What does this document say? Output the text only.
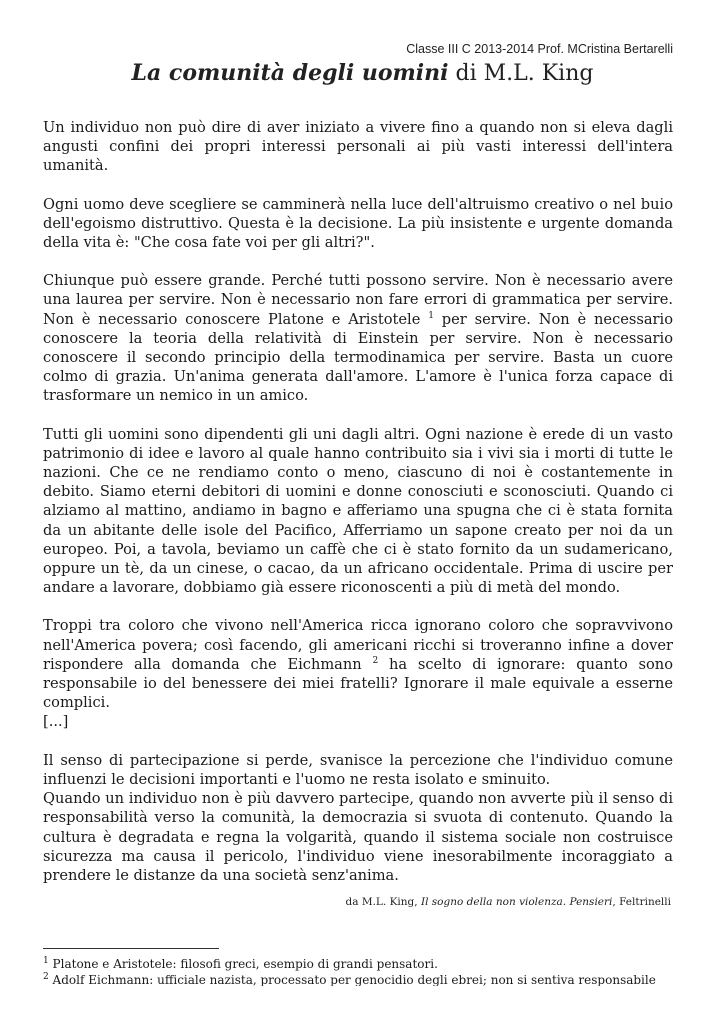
Classe III C 2013-2014 Prof. MCristina Bertarelli
La comunità degli uomini di M.L. King

Un individuo non può dire di aver iniziato a vivere fino a quando non si eleva dagli angusti confini dei propri interessi personali ai più vasti interessi dell'intera umanità.

Ogni uomo deve scegliere se camminerà nella luce dell'altruismo creativo o nel buio dell'egoismo distruttivo. Questa è la decisione. La più insistente e urgente domanda della vita è: "Che cosa fate voi per gli altri?".

Chiunque può essere grande. Perché tutti possono servire. Non è necessario avere una laurea per servire. Non è necessario non fare errori di grammatica per servire. Non è necessario conoscere Platone e Aristotele $^1$ per servire. Non è necessario conoscere la teoria della relatività di Einstein per servire. Non è necessario conoscere il secondo principio della termodinamica per servire. Basta un cuore colmo di grazia. Un'anima generata dall'amore. L'amore è l'unica forza capace di trasformare un nemico in un amico.

Tutti gli uomini sono dipendenti gli uni dagli altri. Ogni nazione è erede di un vasto patrimonio di idee e lavoro al quale hanno contribuito sia i vivi sia i morti di tutte le nazioni. Che ce ne rendiamo conto o meno, ciascuno di noi è costantemente in debito. Siamo eterni debitori di uomini e donne conosciuti e sconosciuti. Quando ci alziamo al mattino, andiamo in bagno e afferiamo una spugna che ci è stata fornita da un abitante delle isole del Pacifico, Afferriamo un sapone creato per noi da un europeo. Poi, a tavola, beviamo un caffè che ci è stato fornito da un sudamericano, oppure un tè, da un cinese, o cacao, da un africano occidentale. Prima di uscire per andare a lavorare, dobbiamo già essere riconoscenti a più di metà del mondo.

Troppi tra coloro che vivono nell'America ricca ignorano coloro che sopravvivono nell'America povera; così facendo, gli americani ricchi si troveranno infine a dover rispondere alla domanda che Eichmann $^2$ ha scelto di ignorare: quanto sono responsabile io del benessere dei miei fratelli? Ignorare il male equivale a esserne complici.

[...]

Il senso di partecipazione si perde, svanisce la percezione che l'individuo comune influenzi le decisioni importanti e l'uomo ne resta isolato e sminuito.

Quando un individuo non è più davvero partecipe, quando non avverte più il senso di responsabilità verso la comunità, la democrazia si svuota di contenuto. Quando la cultura è degradata e regna la volgarità, quando il sistema sociale non costruisce sicurezza ma causa il pericolo, l'individuo viene inesorabilmente incoraggiato a prendere le distanze da una società senz'anima.

da M.L. King, Il sogno della non violenza. Pensieri, Feltrinelli
$^1$ Platone e Aristotele: filosofi greci, esempio di grandi pensatori.
$^2$ Adolf Eichmann: ufficiale nazista, processato per genocidio degli ebrei; non si sentiva responsabile
